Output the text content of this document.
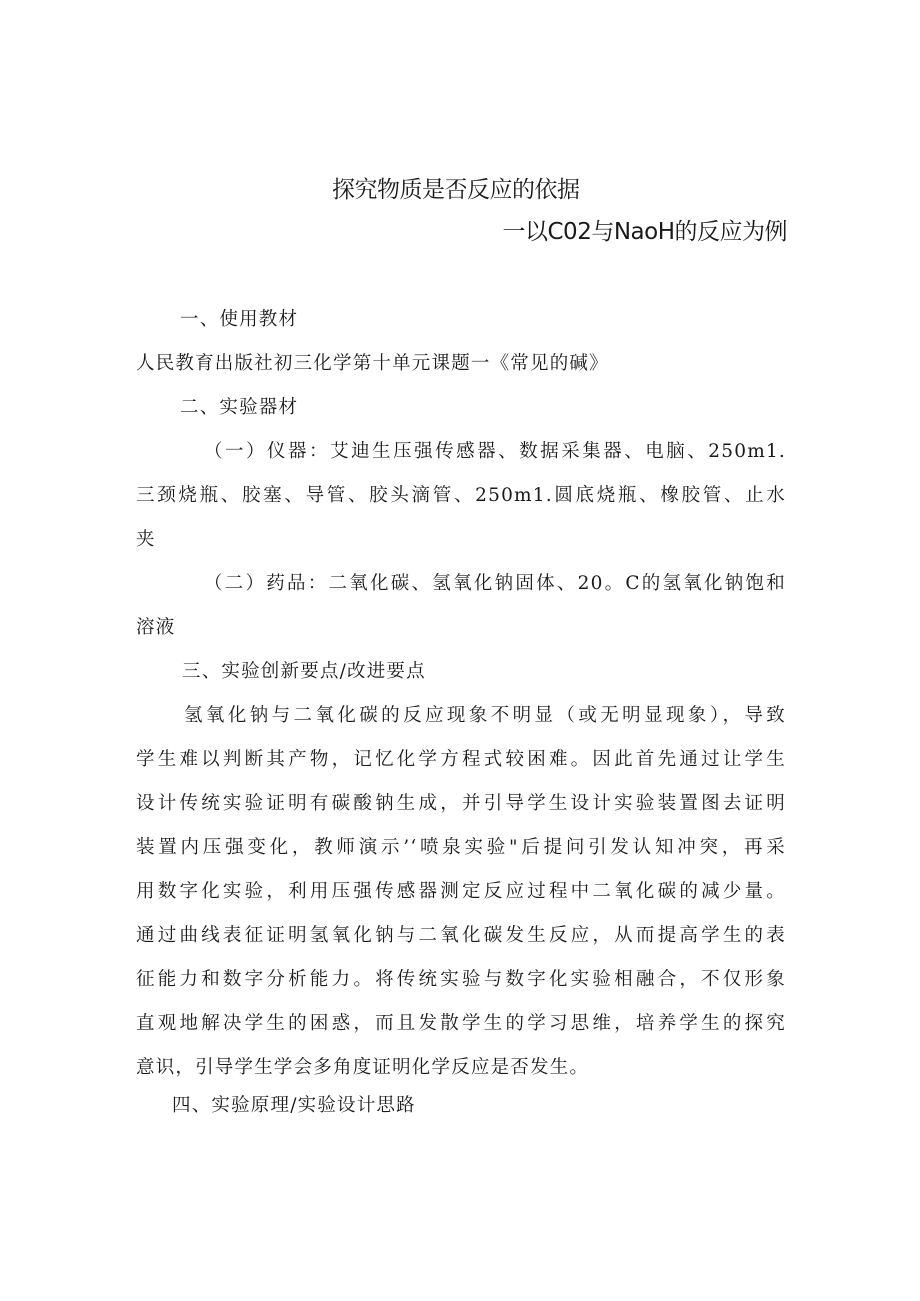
探究物质是否反应的依据
一以C02与NaoH的反应为例

一、使用教材

人民教育出版社初三化学第十单元课题一《常见的碱》

二、实验器材

（一）仪器：艾迪生压强传感器、数据采集器、电脑、250m1.

三颈烧瓶、胶塞、导管、胶头滴管、250m1.圆底烧瓶、橡胶管、止水

夹

（二）药品：二氧化碳、氢氧化钠固体、20。C的氢氧化钠饱和

溶液

三、实验创新要点/改进要点

氢氧化钠与二氧化碳的反应现象不明显（或无明显现象），导致

学生难以判断其产物，记忆化学方程式较困难。因此首先通过让学生

设计传统实验证明有碳酸钠生成，并引导学生设计实验装置图去证明

装置内压强变化，教师演示’‘喷泉实验"后提问引发认知冲突，再采

用数字化实验，利用压强传感器测定反应过程中二氧化碳的减少量。

通过曲线表征证明氢氧化钠与二氧化碳发生反应，从而提高学生的表

征能力和数字分析能力。将传统实验与数字化实验相融合，不仅形象

直观地解决学生的困惑，而且发散学生的学习思维，培养学生的探究

意识，引导学生学会多角度证明化学反应是否发生。

四、实验原理/实验设计思路
